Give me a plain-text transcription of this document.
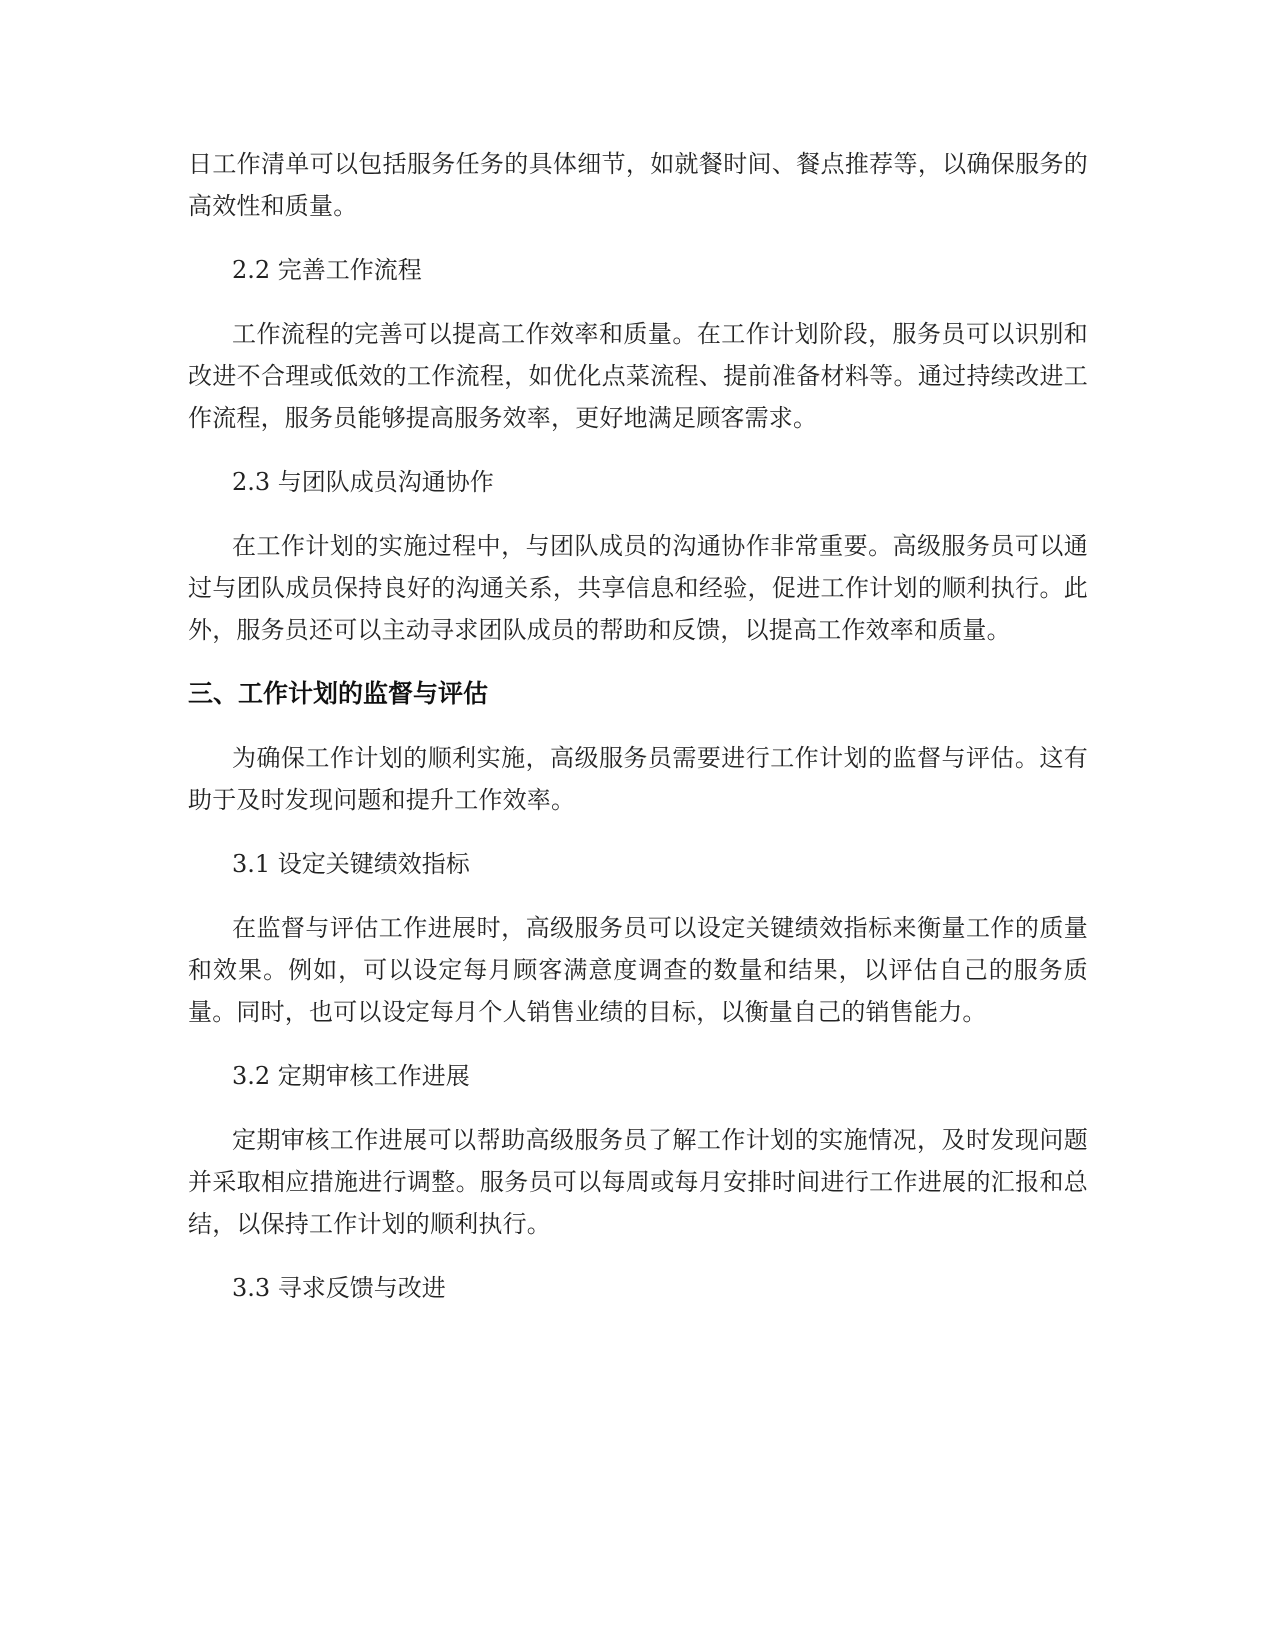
日工作清单可以包括服务任务的具体细节，如就餐时间、餐点推荐等，以确保服务的高效性和质量。

2.2 完善工作流程

工作流程的完善可以提高工作效率和质量。在工作计划阶段，服务员可以识别和改进不合理或低效的工作流程，如优化点菜流程、提前准备材料等。通过持续改进工作流程，服务员能够提高服务效率，更好地满足顾客需求。

2.3 与团队成员沟通协作

在工作计划的实施过程中，与团队成员的沟通协作非常重要。高级服务员可以通过与团队成员保持良好的沟通关系，共享信息和经验，促进工作计划的顺利执行。此外，服务员还可以主动寻求团队成员的帮助和反馈，以提高工作效率和质量。

三、工作计划的监督与评估

为确保工作计划的顺利实施，高级服务员需要进行工作计划的监督与评估。这有助于及时发现问题和提升工作效率。

3.1 设定关键绩效指标

在监督与评估工作进展时，高级服务员可以设定关键绩效指标来衡量工作的质量和效果。例如，可以设定每月顾客满意度调查的数量和结果，以评估自己的服务质量。同时，也可以设定每月个人销售业绩的目标，以衡量自己的销售能力。

3.2 定期审核工作进展

定期审核工作进展可以帮助高级服务员了解工作计划的实施情况，及时发现问题并采取相应措施进行调整。服务员可以每周或每月安排时间进行工作进展的汇报和总结，以保持工作计划的顺利执行。

3.3 寻求反馈与改进
